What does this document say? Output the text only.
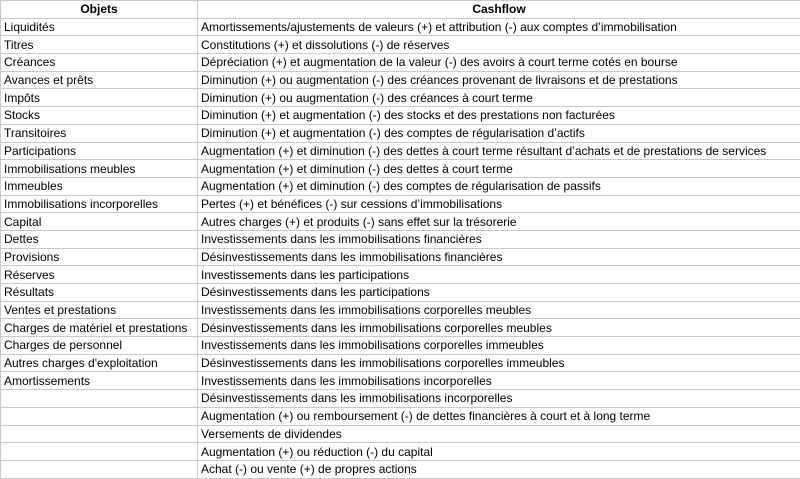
Objets	Cashflow
Liquidités	Amortissements/ajustements de valeurs (+) et attribution (-) aux comptes d’immobilisation
Titres	Constitutions (+) et dissolutions (-) de réserves
Créances	Dépréciation (+) et augmentation de la valeur (-) des avoirs à court terme cotés en bourse
Avances et prêts	Diminution (+) ou augmentation (-) des créances provenant de livraisons et de prestations
Impôts	Diminution (+) ou augmentation (-) des créances à court terme
Stocks	Diminution (+) et augmentation (-) des stocks et des prestations non facturées
Transitoires	Diminution (+) et augmentation (-) des comptes de régularisation d’actifs
Participations	Augmentation (+) et diminution (-) des dettes à court terme résultant d’achats et de prestations de services
Immobilisations meubles	Augmentation (+) et diminution (-) des dettes à court terme
Immeubles	Augmentation (+) et diminution (-) des comptes de régularisation de passifs
Immobilisations incorporelles	Pertes (+) et bénéfices (-) sur cessions d’immobilisations
Capital	Autres charges (+) et produits (-) sans effet sur la trésorerie
Dettes	Investissements dans les immobilisations financières
Provisions	Désinvestissements dans les immobilisations financières
Réserves	Investissements dans les participations
Résultats	Désinvestissements dans les participations
Ventes et prestations	Investissements dans les immobilisations corporelles meubles
Charges de matériel et prestations	Désinvestissements dans les immobilisations corporelles meubles
Charges de personnel	Investissements dans les immobilisations corporelles immeubles
Autres charges d'exploitation	Désinvestissements dans les immobilisations corporelles immeubles
Amortissements	Investissements dans les immobilisations incorporelles
	Désinvestissements dans les immobilisations incorporelles
	Augmentation (+) ou remboursement (-) de dettes financières à court et à long terme
	Versements de dividendes
	Augmentation (+) ou réduction (-) du capital
	Achat (-) ou vente (+) de propres actions
